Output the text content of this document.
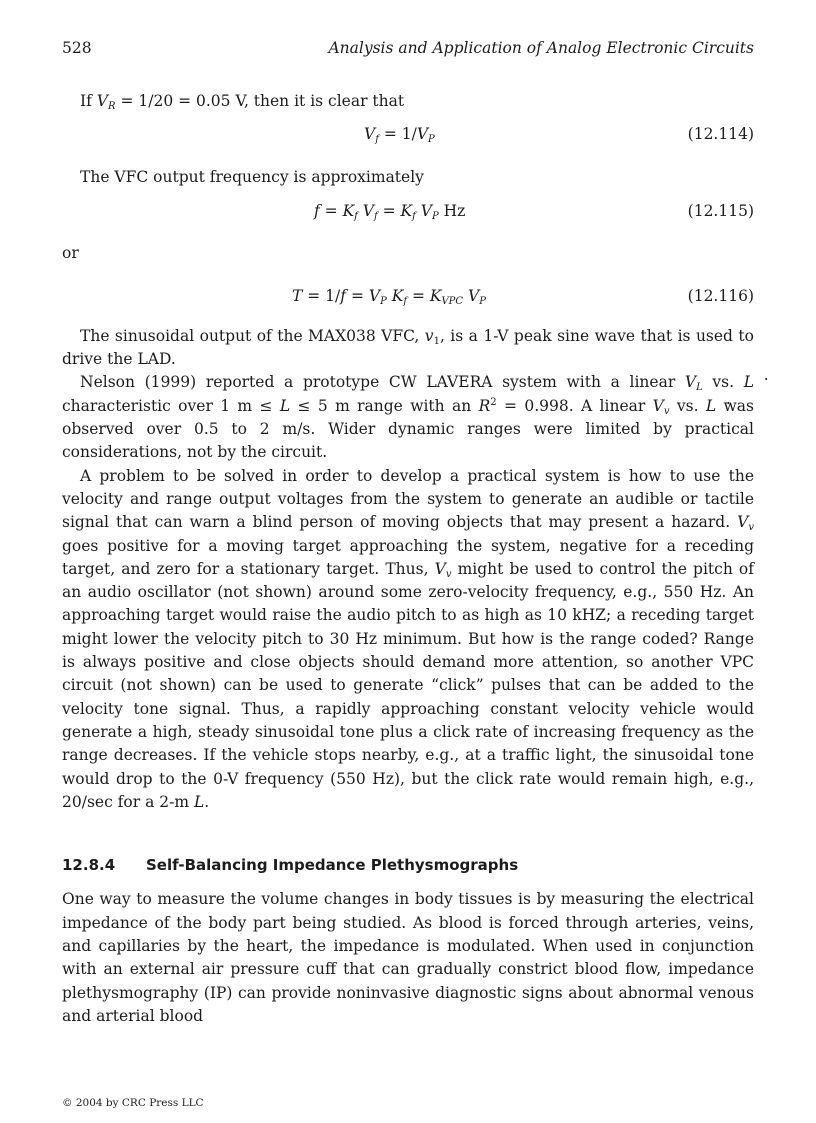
528	Analysis and Application of Analog Electronic Circuits

If $V_R = 1/20 = 0.05$ V, then it is clear that

$V_f = 1/V_P$	(12.114)

The VFC output frequency is approximately

$f = K_f$ $V_f = K_f$ $V_P$ Hz	(12.115)

or

$T = 1/f = V_P$ $K_f = K_{VPC}$ $V_P$	(12.116)

The sinusoidal output of the MAX038 VFC, $v_1$, is a 1-V peak sine wave that is used to drive the LAD.

Nelson (1999) reported a prototype CW LAVERA system with a linear $V_L$ vs. . L characteristic over 1 m ≤ L ≤ 5 m range with an $R^2 = 0.998$. A linear $V_v$ vs. . L was observed over 0.5 to 2 m/s. Wider dynamic ranges were limited by practical considerations, not by the circuit.

A problem to be solved in order to develop a practical system is how to use the velocity and range output voltages from the system to generate an audible or tactile signal that can warn a blind person of moving objects that may present a hazard. $V_v$ goes positive for a moving target approaching the system, negative for a receding target, and zero for a stationary target. Thus, $V_v$ might be used to control the pitch of an audio oscillator (not shown) around some zero-velocity frequency, e.g., 550 Hz. An approaching target would raise the audio pitch to as high as 10 kHZ; a receding target might lower the velocity pitch to 30 Hz minimum. But how is the range coded? Range is always positive and close objects should demand more attention, so another VPC circuit (not shown) can be used to generate “click” pulses that can be added to the velocity tone signal. Thus, a rapidly approaching constant velocity vehicle would generate a high, steady sinusoidal tone plus a click rate of increasing frequency as the range decreases. If the vehicle stops nearby, e.g., at a traffic light, the sinusoidal tone would drop to the 0-V frequency (550 Hz), but the click rate would remain high, e.g., 20/sec for a 2-m L.

12.8.4 Self-Balancing Impedance Plethysmographs

One way to measure the volume changes in body tissues is by measuring the electrical impedance of the body part being studied. As blood is forced through arteries, veins, and capillaries by the heart, the impedance is modulated. When used in conjunction with an external air pressure cuff that can gradually constrict blood flow, impedance plethysmography (IP) can provide noninvasive diagnostic signs about abnormal venous and arterial blood

© 2004 by CRC Press LLC
